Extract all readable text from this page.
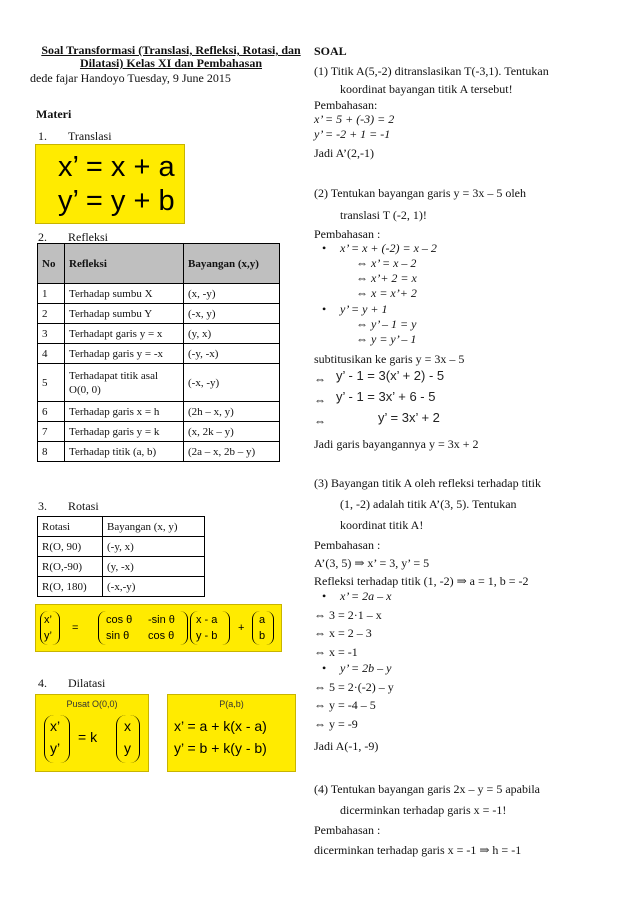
Soal Transformasi (Translasi, Refleksi, Rotasi, dan Dilatasi) Kelas XI dan Pembahasan
dede fajar Handoyo Tuesday, 9 June 2015
Materi
1. Translasi
x’ = x + a
y’ = y + b
2. Refleksi
No	Refleksi	Bayangan (x,y)
1	Terhadap sumbu X	(x, -y)
2	Terhadap sumbu Y	(-x, y)
3	Terhadapt garis y = x	(y, x)
4	Terhadap garis y = -x	(-y, -x)
5	Terhadapat titik asal O(0, 0)	(-x, -y)
6	Terhadap garis x = h	(2h – x, y)
7	Terhadap garis y = k	(x, 2k – y)
8	Terhadap titik (a, b)	(2a – x, 2b – y)
3. Rotasi
Rotasi	Bayangan (x, y)
R(O, 90)	(-y, x)
R(O,-90)	(y, -x)
R(O, 180)	(-x,-y)
x’
y’
=
cos θ -sin θ
sin θ cos θ
x - a
y - b
+
a
b
4. Dilatasi
Pusat O(0,0)
x’
y’
= k
x
y
P(a,b)
x’ = a + k(x - a)
y’ = b + k(y - b)
SOAL
(1) Titik A(5,-2) ditranslasikan T(-3,1). Tentukan
koordinat bayangan titik A tersebut!
Pembahasan:
x’ = 5 + (-3) = 2
y’ = -2 + 1 = -1
Jadi A’(2,-1)
(2) Tentukan bayangan garis y = 3x – 5 oleh
translasi T (-2, 1)!
Pembahasan :
• x’ = x + (-2) = x – 2
⇔ x’ = x – 2
⇔ x’+ 2 = x
⇔ x = x’+ 2
• y’ = y + 1
⇔ y’ – 1 = y
⇔ y = y’ – 1
subtitusikan ke garis y = 3x – 5
⇔ y’ - 1 = 3(x’ + 2) - 5
⇔ y’ - 1 = 3x’ + 6 - 5
⇔	y’ = 3x’ + 2
Jadi garis bayangannya y = 3x + 2
(3) Bayangan titik A oleh refleksi terhadap titik
(1, -2) adalah titik A’(3, 5). Tentukan
koordinat titik A!
Pembahasan :
A’(3, 5) ⇒ x’ = 3, y’ = 5
Refleksi terhadap titik (1, -2) ⇒ a = 1, b = -2
• x’ = 2a – x
⇔ 3 = 2·1 – x
⇔ x = 2 – 3
⇔ x = -1
• y’ = 2b – y
⇔ 5 = 2·(-2) – y
⇔ y = -4 – 5
⇔ y = -9
Jadi A(-1, -9)
(4) Tentukan bayangan garis 2x – y = 5 apabila
dicerminkan terhadap garis x = -1!
Pembahasan :
dicerminkan terhadap garis x = -1 ⇒ h = -1
